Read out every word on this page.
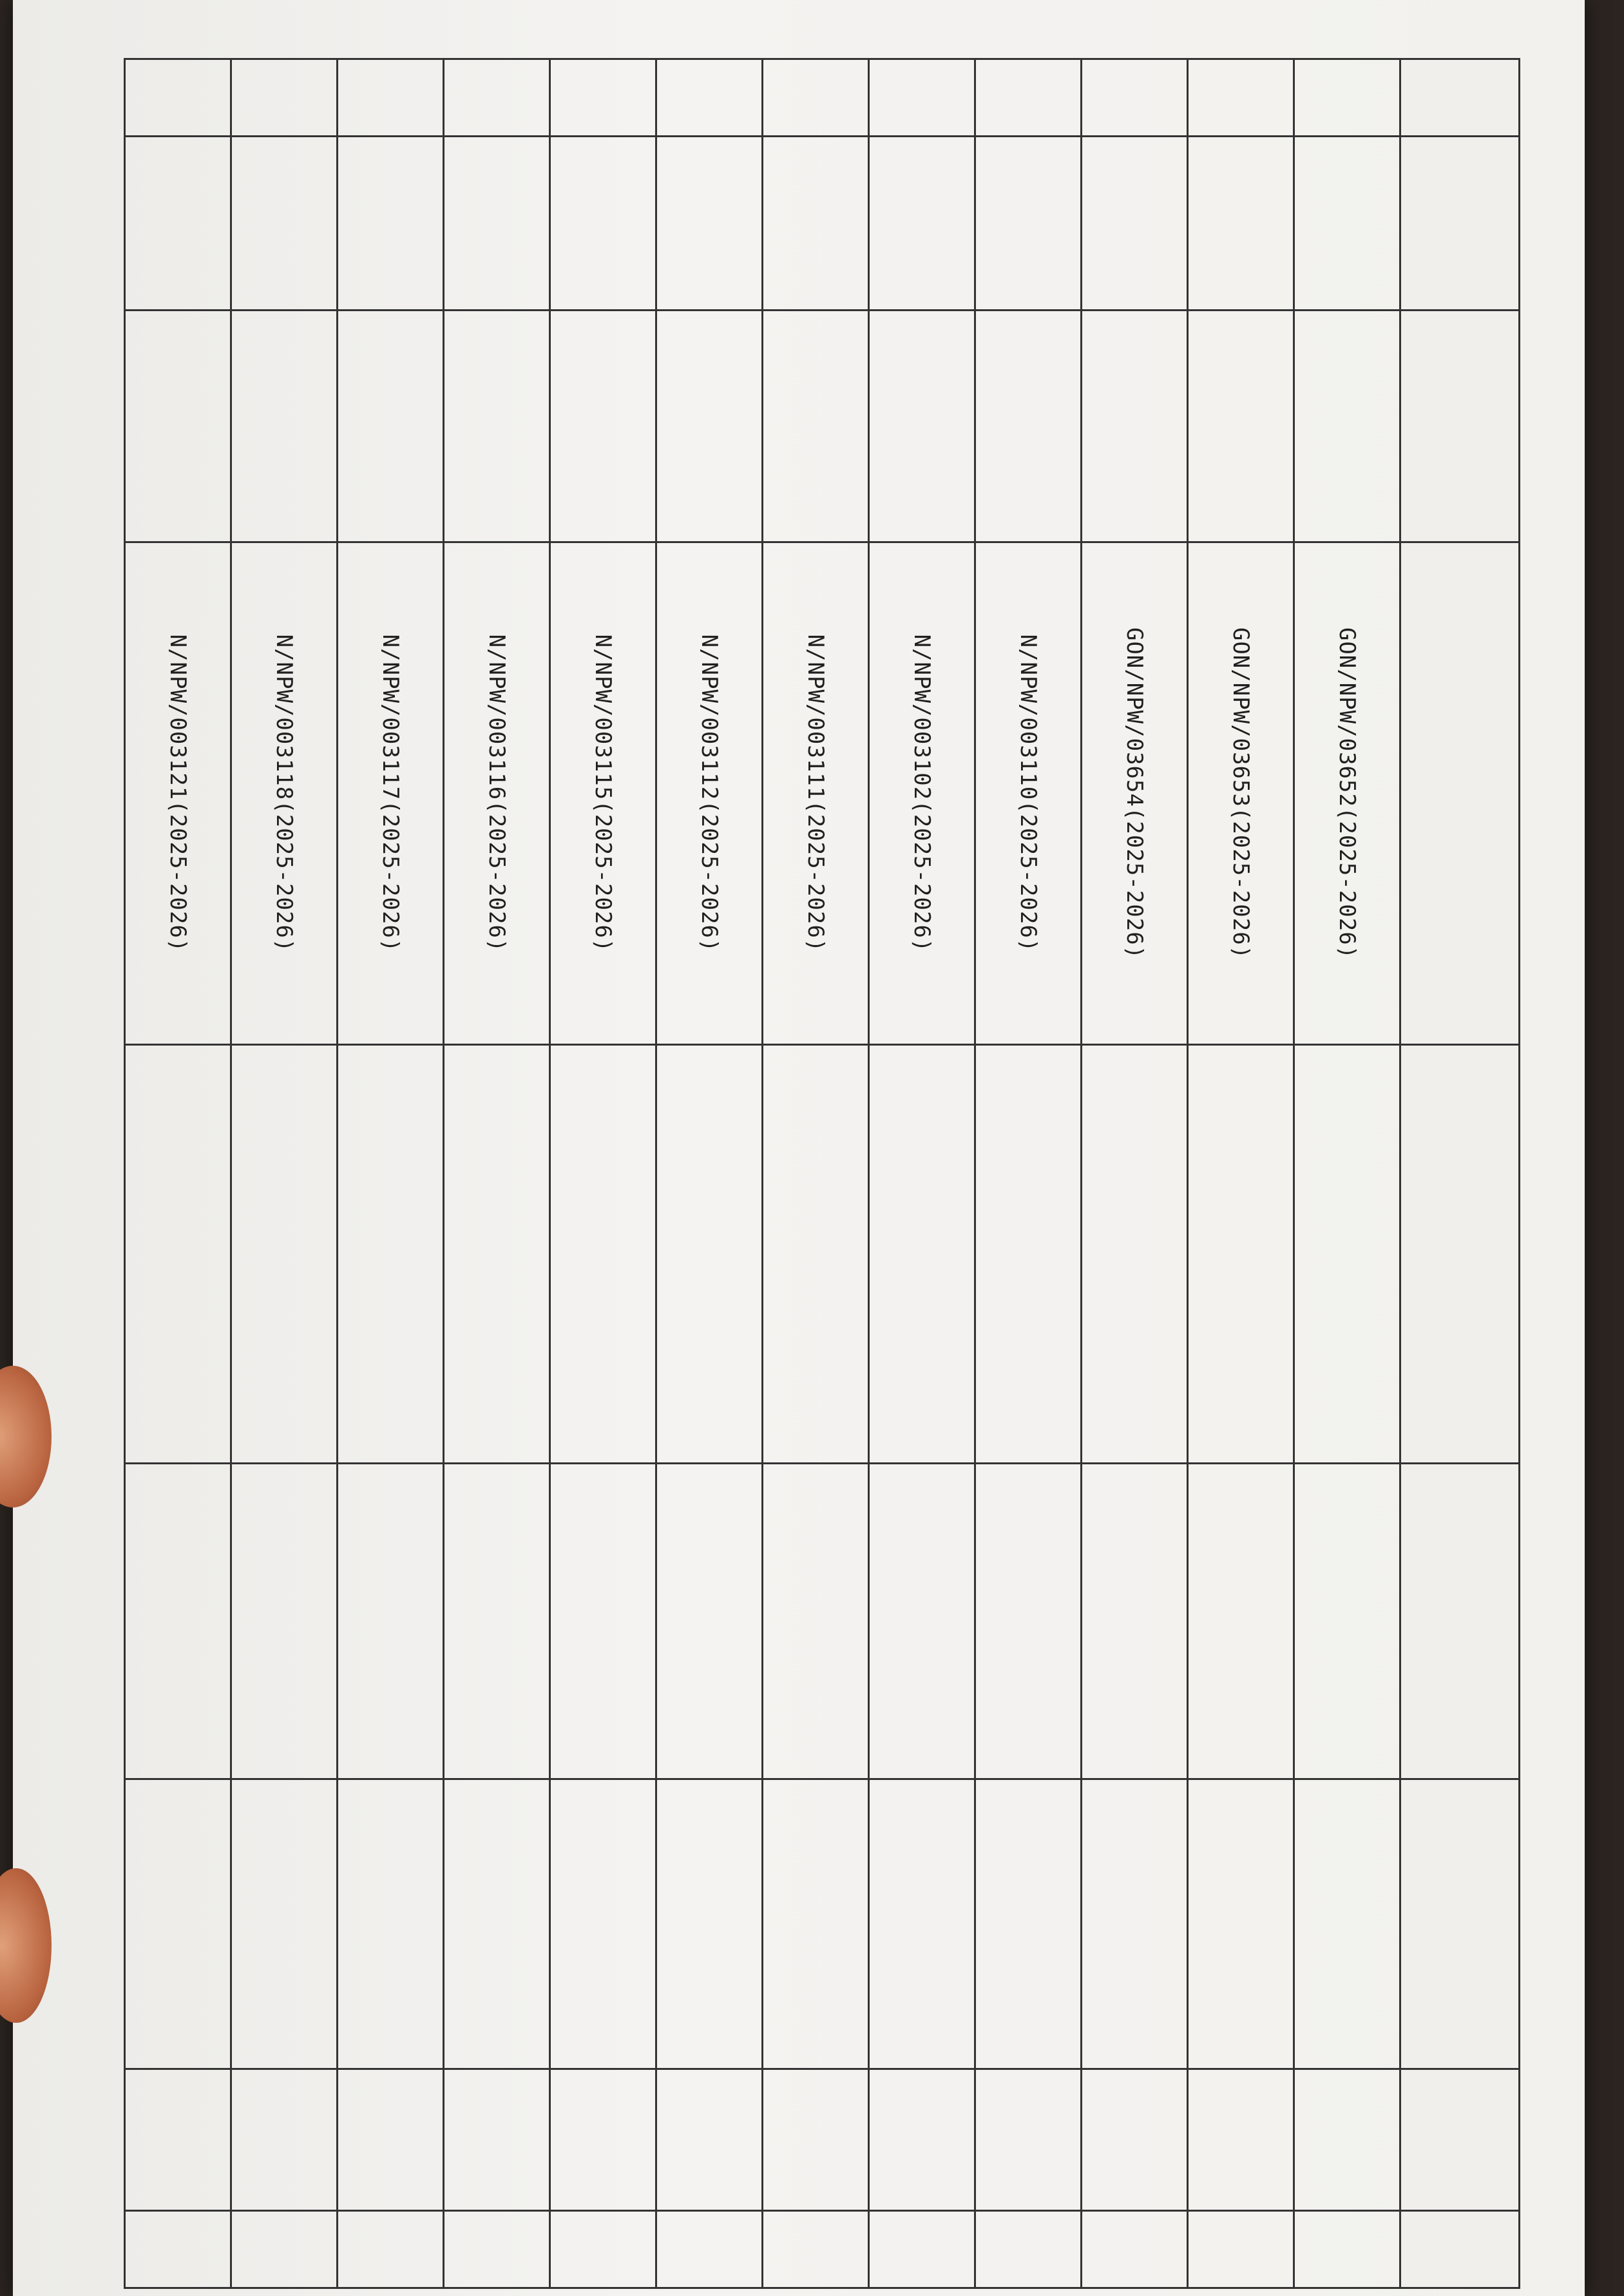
			GON/NPW/03652(2025-2026)					
			GON/NPW/03653(2025-2026)					
			GON/NPW/03654(2025-2026)					
			N/NPW/003110(2025-2026)					
			N/NPW/003102(2025-2026)					
			N/NPW/003111(2025-2026)					
			N/NPW/003112(2025-2026)					
			N/NPW/003115(2025-2026)					
			N/NPW/003116(2025-2026)					
			N/NPW/003117(2025-2026)					
			N/NPW/003118(2025-2026)					
			N/NPW/003121(2025-2026)					
